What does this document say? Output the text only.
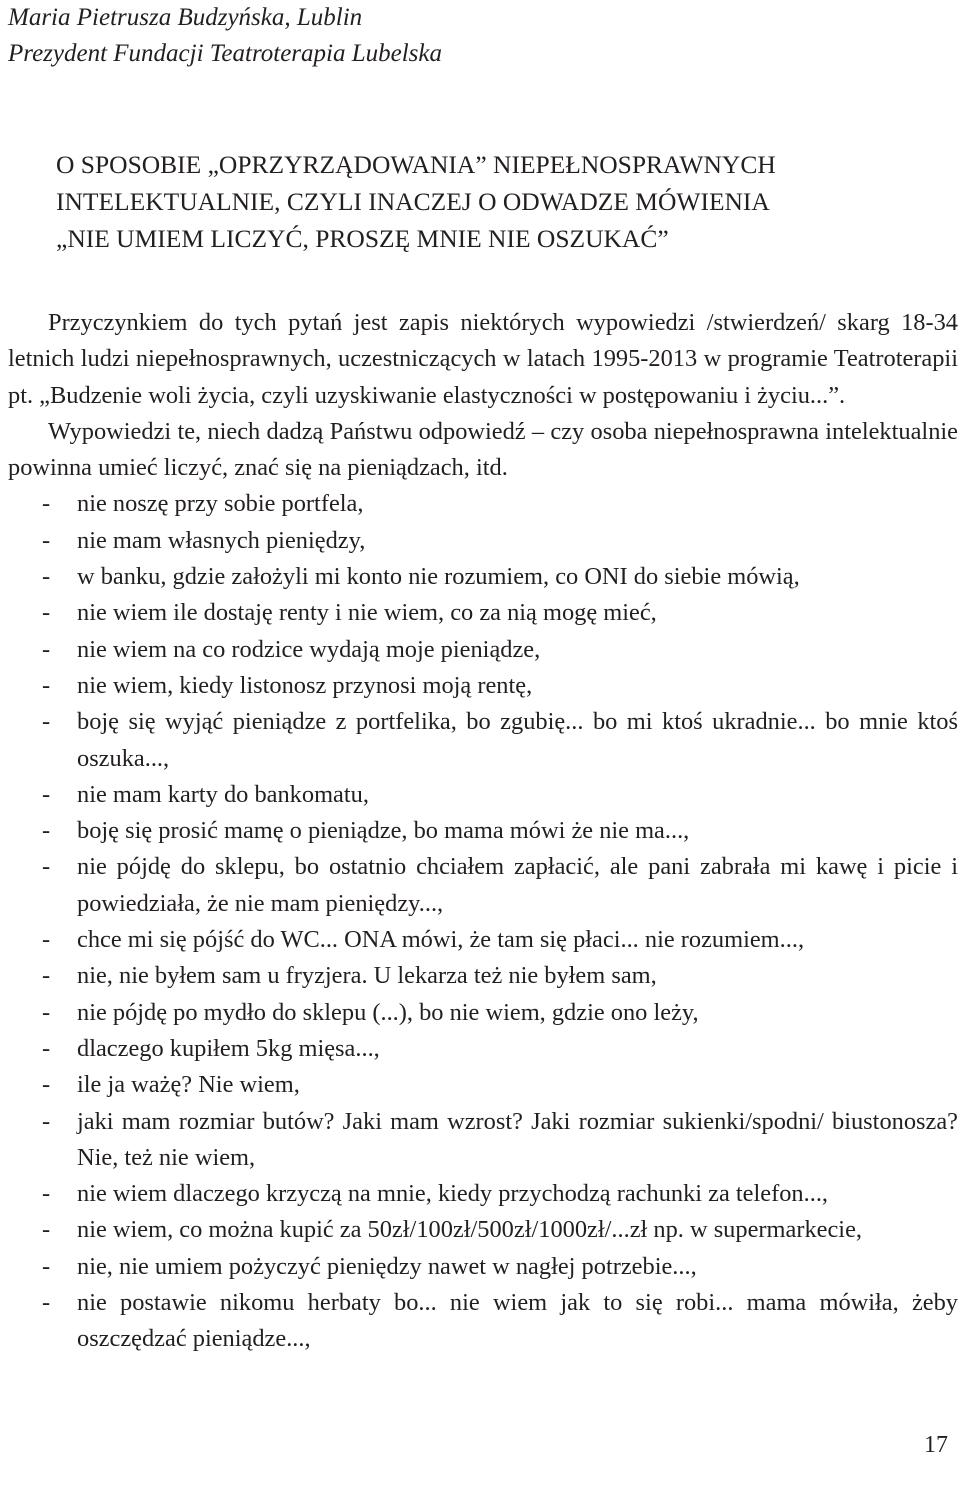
Maria Pietrusza Budzyńska, Lublin
Prezydent Fundacji Teatroterapia Lubelska
O SPOSOBIE „OPRZYRZĄDOWANIA” NIEPEŁNOSPRAWNYCH
INTELEKTUALNIE, CZYLI INACZEJ O ODWADZE MÓWIENIA
„NIE UMIEM LICZYĆ, PROSZĘ MNIE NIE OSZUKAĆ”

Przyczynkiem do tych pytań jest zapis niektórych wypowiedzi /stwierdzeń/ skarg 18-34 letnich ludzi niepełnosprawnych, uczestniczących w latach 1995-2013 w programie Teatroterapii pt. „Budzenie woli życia, czyli uzyskiwanie elastyczności w postępowaniu i życiu...”.

Wypowiedzi te, niech dadzą Państwu odpowiedź – czy osoba niepełnosprawna intelektualnie powinna umieć liczyć, znać się na pieniądzach, itd.

- nie noszę przy sobie portfela,
- nie mam własnych pieniędzy,
- w banku, gdzie założyli mi konto nie rozumiem, co ONI do siebie mówią,
- nie wiem ile dostaję renty i nie wiem, co za nią mogę mieć,
- nie wiem na co rodzice wydają moje pieniądze,
- nie wiem, kiedy listonosz przynosi moją rentę,
- boję się wyjąć pieniądze z portfelika, bo zgubię... bo mi ktoś ukradnie... bo mnie ktoś oszuka...,
- nie mam karty do bankomatu,
- boję się prosić mamę o pieniądze, bo mama mówi że nie ma...,
- nie pójdę do sklepu, bo ostatnio chciałem zapłacić, ale pani zabrała mi kawę i picie i powiedziała, że nie mam pieniędzy...,
- chce mi się pójść do WC... ONA mówi, że tam się płaci... nie rozumiem...,
- nie, nie byłem sam u fryzjera. U lekarza też nie byłem sam,
- nie pójdę po mydło do sklepu (...), bo nie wiem, gdzie ono leży,
- dlaczego kupiłem 5kg mięsa...,
- ile ja ważę? Nie wiem,
- jaki mam rozmiar butów? Jaki mam wzrost? Jaki rozmiar sukienki/spodni/ biustonosza? Nie, też nie wiem,
- nie wiem dlaczego krzyczą na mnie, kiedy przychodzą rachunki za telefon...,
- nie wiem, co można kupić za 50zł/100zł/500zł/1000zł/...zł np. w supermarkecie,
- nie, nie umiem pożyczyć pieniędzy nawet w nagłej potrzebie...,
- nie postawie nikomu herbaty bo... nie wiem jak to się robi... mama mówiła, żeby oszczędzać pieniądze...,
17
